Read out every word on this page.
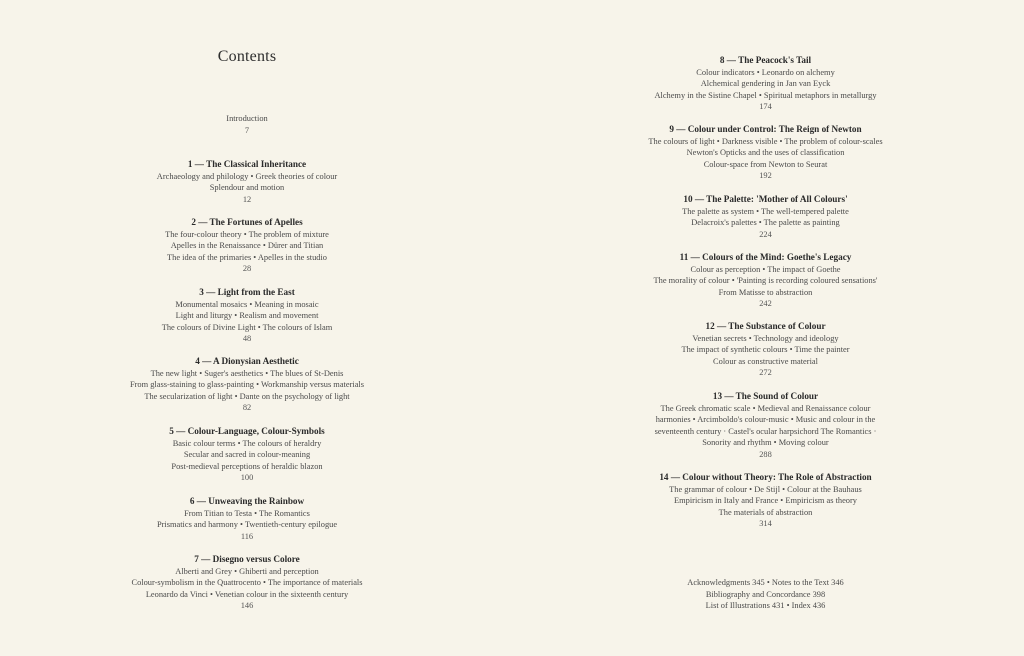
Contents
Introduction
7
1 — The Classical Inheritance
Archaeology and philology • Greek theories of colour
Splendour and motion
12
2 — The Fortunes of Apelles
The four-colour theory • The problem of mixture
Apelles in the Renaissance • Dürer and Titian
The idea of the primaries • Apelles in the studio
28
3 — Light from the East
Monumental mosaics • Meaning in mosaic
Light and liturgy • Realism and movement
The colours of Divine Light • The colours of Islam
48
4 — A Dionysian Aesthetic
The new light • Suger's aesthetics • The blues of St-Denis
From glass-staining to glass-painting • Workmanship versus materials
The secularization of light • Dante on the psychology of light
82
5 — Colour-Language, Colour-Symbols
Basic colour terms • The colours of heraldry
Secular and sacred in colour-meaning
Post-medieval perceptions of heraldic blazon
100
6 — Unweaving the Rainbow
From Titian to Testa • The Romantics
Prismatics and harmony • Twentieth-century epilogue
116
7 — Disegno versus Colore
Alberti and Grey • Ghiberti and perception
Colour-symbolism in the Quattrocento • The importance of materials
Leonardo da Vinci • Venetian colour in the sixteenth century
146
8 — The Peacock's Tail
Colour indicators • Leonardo on alchemy
Alchemical gendering in Jan van Eyck
Alchemy in the Sistine Chapel • Spiritual metaphors in metallurgy
174
9 — Colour under Control: The Reign of Newton
The colours of light • Darkness visible • The problem of colour-scales
Newton's Opticks and the uses of classification
Colour-space from Newton to Seurat
192
10 — The Palette: 'Mother of All Colours'
The palette as system • The well-tempered palette
Delacroix's palettes • The palette as painting
224
11 — Colours of the Mind: Goethe's Legacy
Colour as perception • The impact of Goethe
The morality of colour • 'Painting is recording coloured sensations'
From Matisse to abstraction
242
12 — The Substance of Colour
Venetian secrets • Technology and ideology
The impact of synthetic colours • Time the painter
Colour as constructive material
272
13 — The Sound of Colour
The Greek chromatic scale • Medieval and Renaissance colour
harmonies • Arcimboldo's colour-music • Music and colour in the
seventeenth century · Castel's ocular harpsichord The Romantics ·
Sonority and rhythm • Moving colour
288
14 — Colour without Theory: The Role of Abstraction
The grammar of colour • De Stijl • Colour at the Bauhaus
Empiricism in Italy and France • Empiricism as theory
The materials of abstraction
314
Acknowledgments 345 • Notes to the Text 346
Bibliography and Concordance 398
List of Illustrations 431 • Index 436
